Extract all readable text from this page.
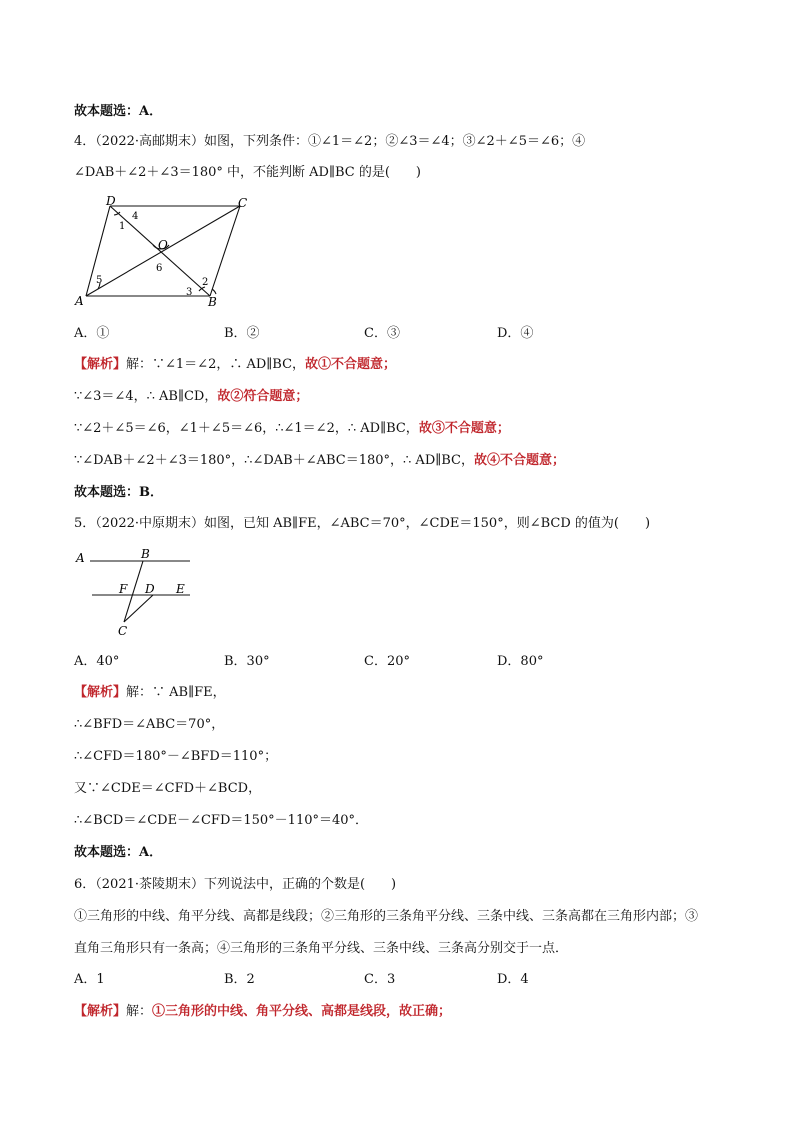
故本题选：A．
4．（2022·高邮期末）如图，下列条件：①∠1＝∠2；②∠3＝∠4；③∠2＋∠5＝∠6；④
∠DAB＋∠2＋∠3＝180° 中，不能判断 AD∥BC 的是(　　)
D	C
A	B
O
1
2
3
4
5
6
A．①	B．②	C．③	D．④
【解析】解：∵∠1＝∠2，∴ AD∥BC，故①不合题意；
∵∠3＝∠4，∴ AB∥CD，故②符合题意；
∵∠2＋∠5＝∠6，∠1＋∠5＝∠6，∴∠1＝∠2，∴ AD∥BC，故③不合题意；
∵∠DAB＋∠2＋∠3＝180°，∴∠DAB＋∠ABC＝180°，∴ AD∥BC，故④不合题意；
故本题选：B．
5．（2022·中原期末）如图，已知 AB∥FE，∠ABC＝70°，∠CDE＝150°，则∠BCD 的值为(　　)
A	B
F D E
C
A．40°	B．30°	C．20°	D．80°
【解析】解：∵ AB∥FE，
∴∠BFD＝∠ABC＝70°，
∴∠CFD＝180°－∠BFD＝110°；
又∵∠CDE＝∠CFD＋∠BCD，
∴∠BCD＝∠CDE－∠CFD＝150°－110°＝40°．
故本题选：A．
6．（2021·茶陵期末）下列说法中，正确的个数是(　　)
①三角形的中线、角平分线、高都是线段；②三角形的三条角平分线、三条中线、三条高都在三角形内部；③
直角三角形只有一条高；④三角形的三条角平分线、三条中线、三条高分别交于一点．
A．1	B．2	C．3	D．4
【解析】解：①三角形的中线、角平分线、高都是线段，故正确；
